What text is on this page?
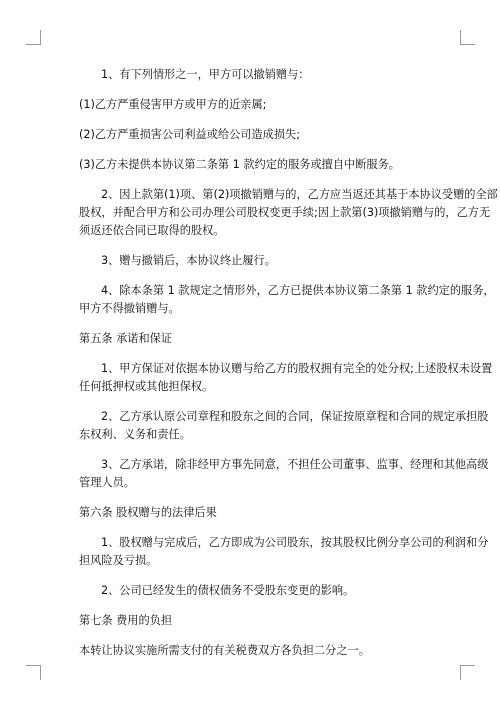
1、有下列情形之一，甲方可以撤销赠与：

(1)乙方严重侵害甲方或甲方的近亲属;

(2)乙方严重损害公司利益或给公司造成损失;

(3)乙方未提供本协议第二条第 1 款约定的服务或擅自中断服务。

2、因上款第(1)项、第(2)项撤销赠与的，乙方应当返还其基于本协议受赠的全部

股权，并配合甲方和公司办理公司股权变更手续;因上款第(3)项撤销赠与的，乙方无

须返还依合同已取得的股权。

3、赠与撤销后，本协议终止履行。

4、除本条第 1 款规定之情形外，乙方已提供本协议第二条第 1 款约定的服务，

甲方不得撤销赠与。

第五条 承诺和保证

1、甲方保证对依据本协议赠与给乙方的股权拥有完全的处分权;上述股权未设置

任何抵押权或其他担保权。

2、乙方承认原公司章程和股东之间的合同，保证按原章程和合同的规定承担股

东权利、义务和责任。

3、乙方承诺，除非经甲方事先同意，不担任公司董事、监事、经理和其他高级

管理人员。

第六条 股权赠与的法律后果

1、股权赠与完成后，乙方即成为公司股东，按其股权比例分享公司的利润和分

担风险及亏损。

2、公司已经发生的债权债务不受股东变更的影响。

第七条 费用的负担

本转让协议实施所需支付的有关税费双方各负担二分之一。
